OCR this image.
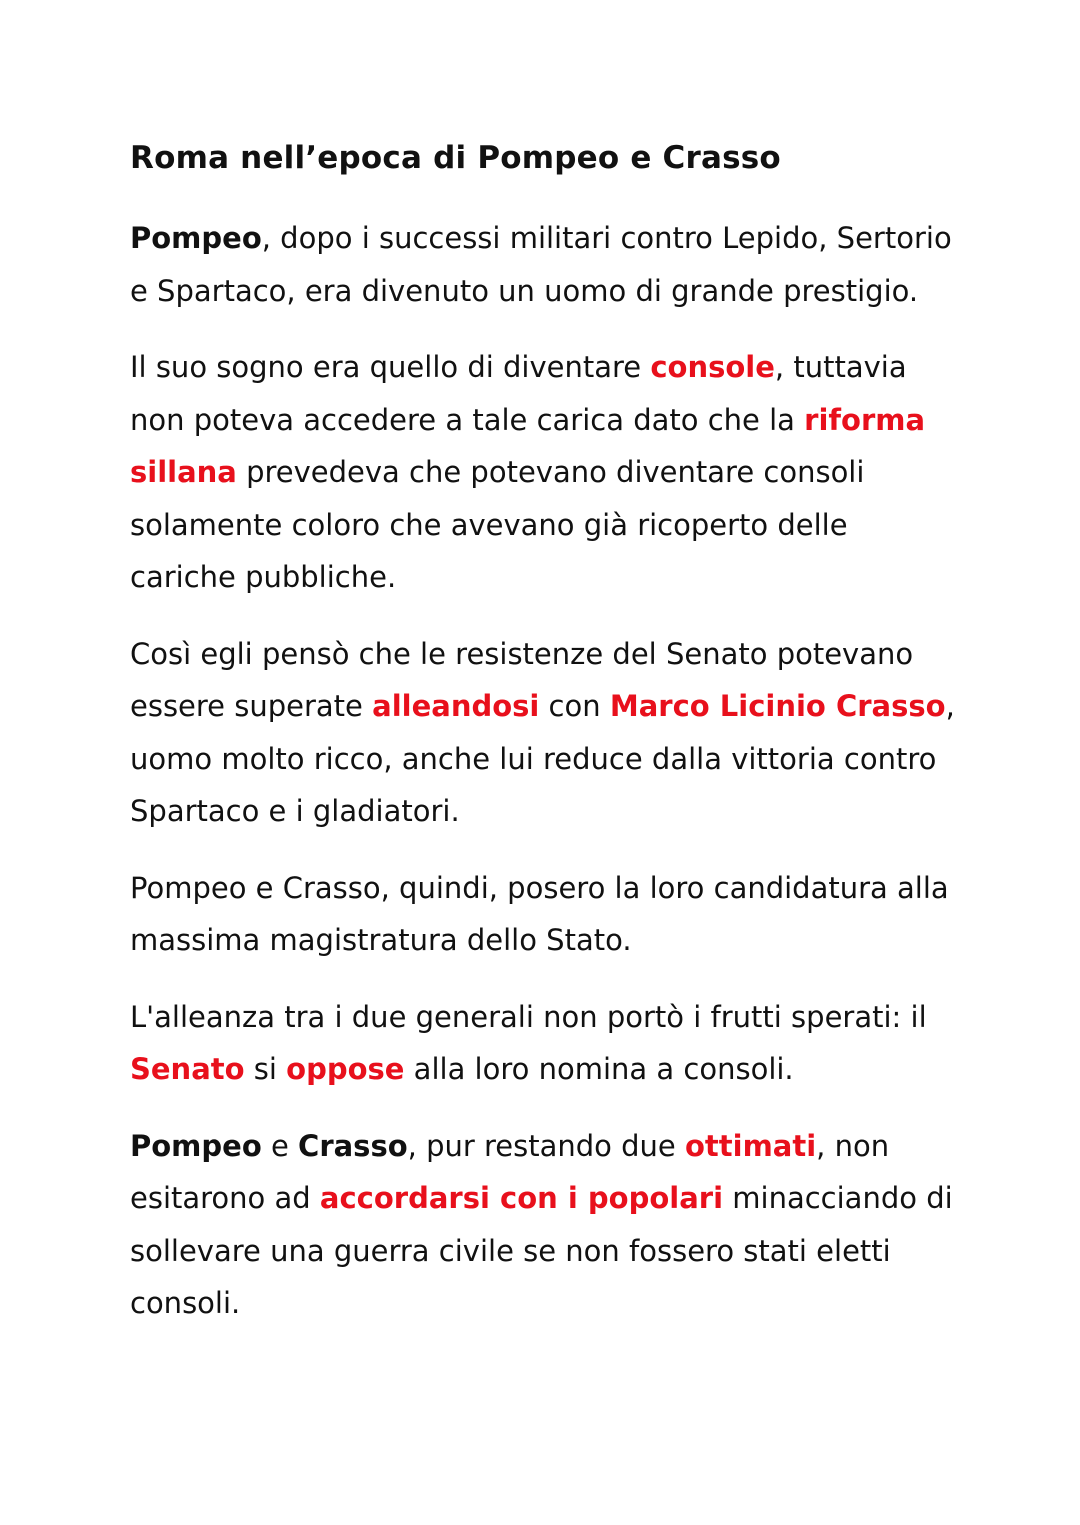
Roma nell’epoca di Pompeo e Crasso

Pompeo, dopo i successi militari contro Lepido, Sertorio e Spartaco, era divenuto un uomo di grande prestigio.

Il suo sogno era quello di diventare console, tuttavia non poteva accedere a tale carica dato che la riforma sillana prevedeva che potevano diventare consoli solamente coloro che avevano già ricoperto delle cariche pubbliche.

Così egli pensò che le resistenze del Senato potevano essere superate alleandosi con Marco Licinio Crasso, uomo molto ricco, anche lui reduce dalla vittoria contro Spartaco e i gladiatori.

Pompeo e Crasso, quindi, posero la loro candidatura alla massima magistratura dello Stato.

L'alleanza tra i due generali non portò i frutti sperati: il Senato si oppose alla loro nomina a consoli.

Pompeo e Crasso, pur restando due ottimati, non esitarono ad accordarsi con i popolari minacciando di sollevare una guerra civile se non fossero stati eletti consoli.
